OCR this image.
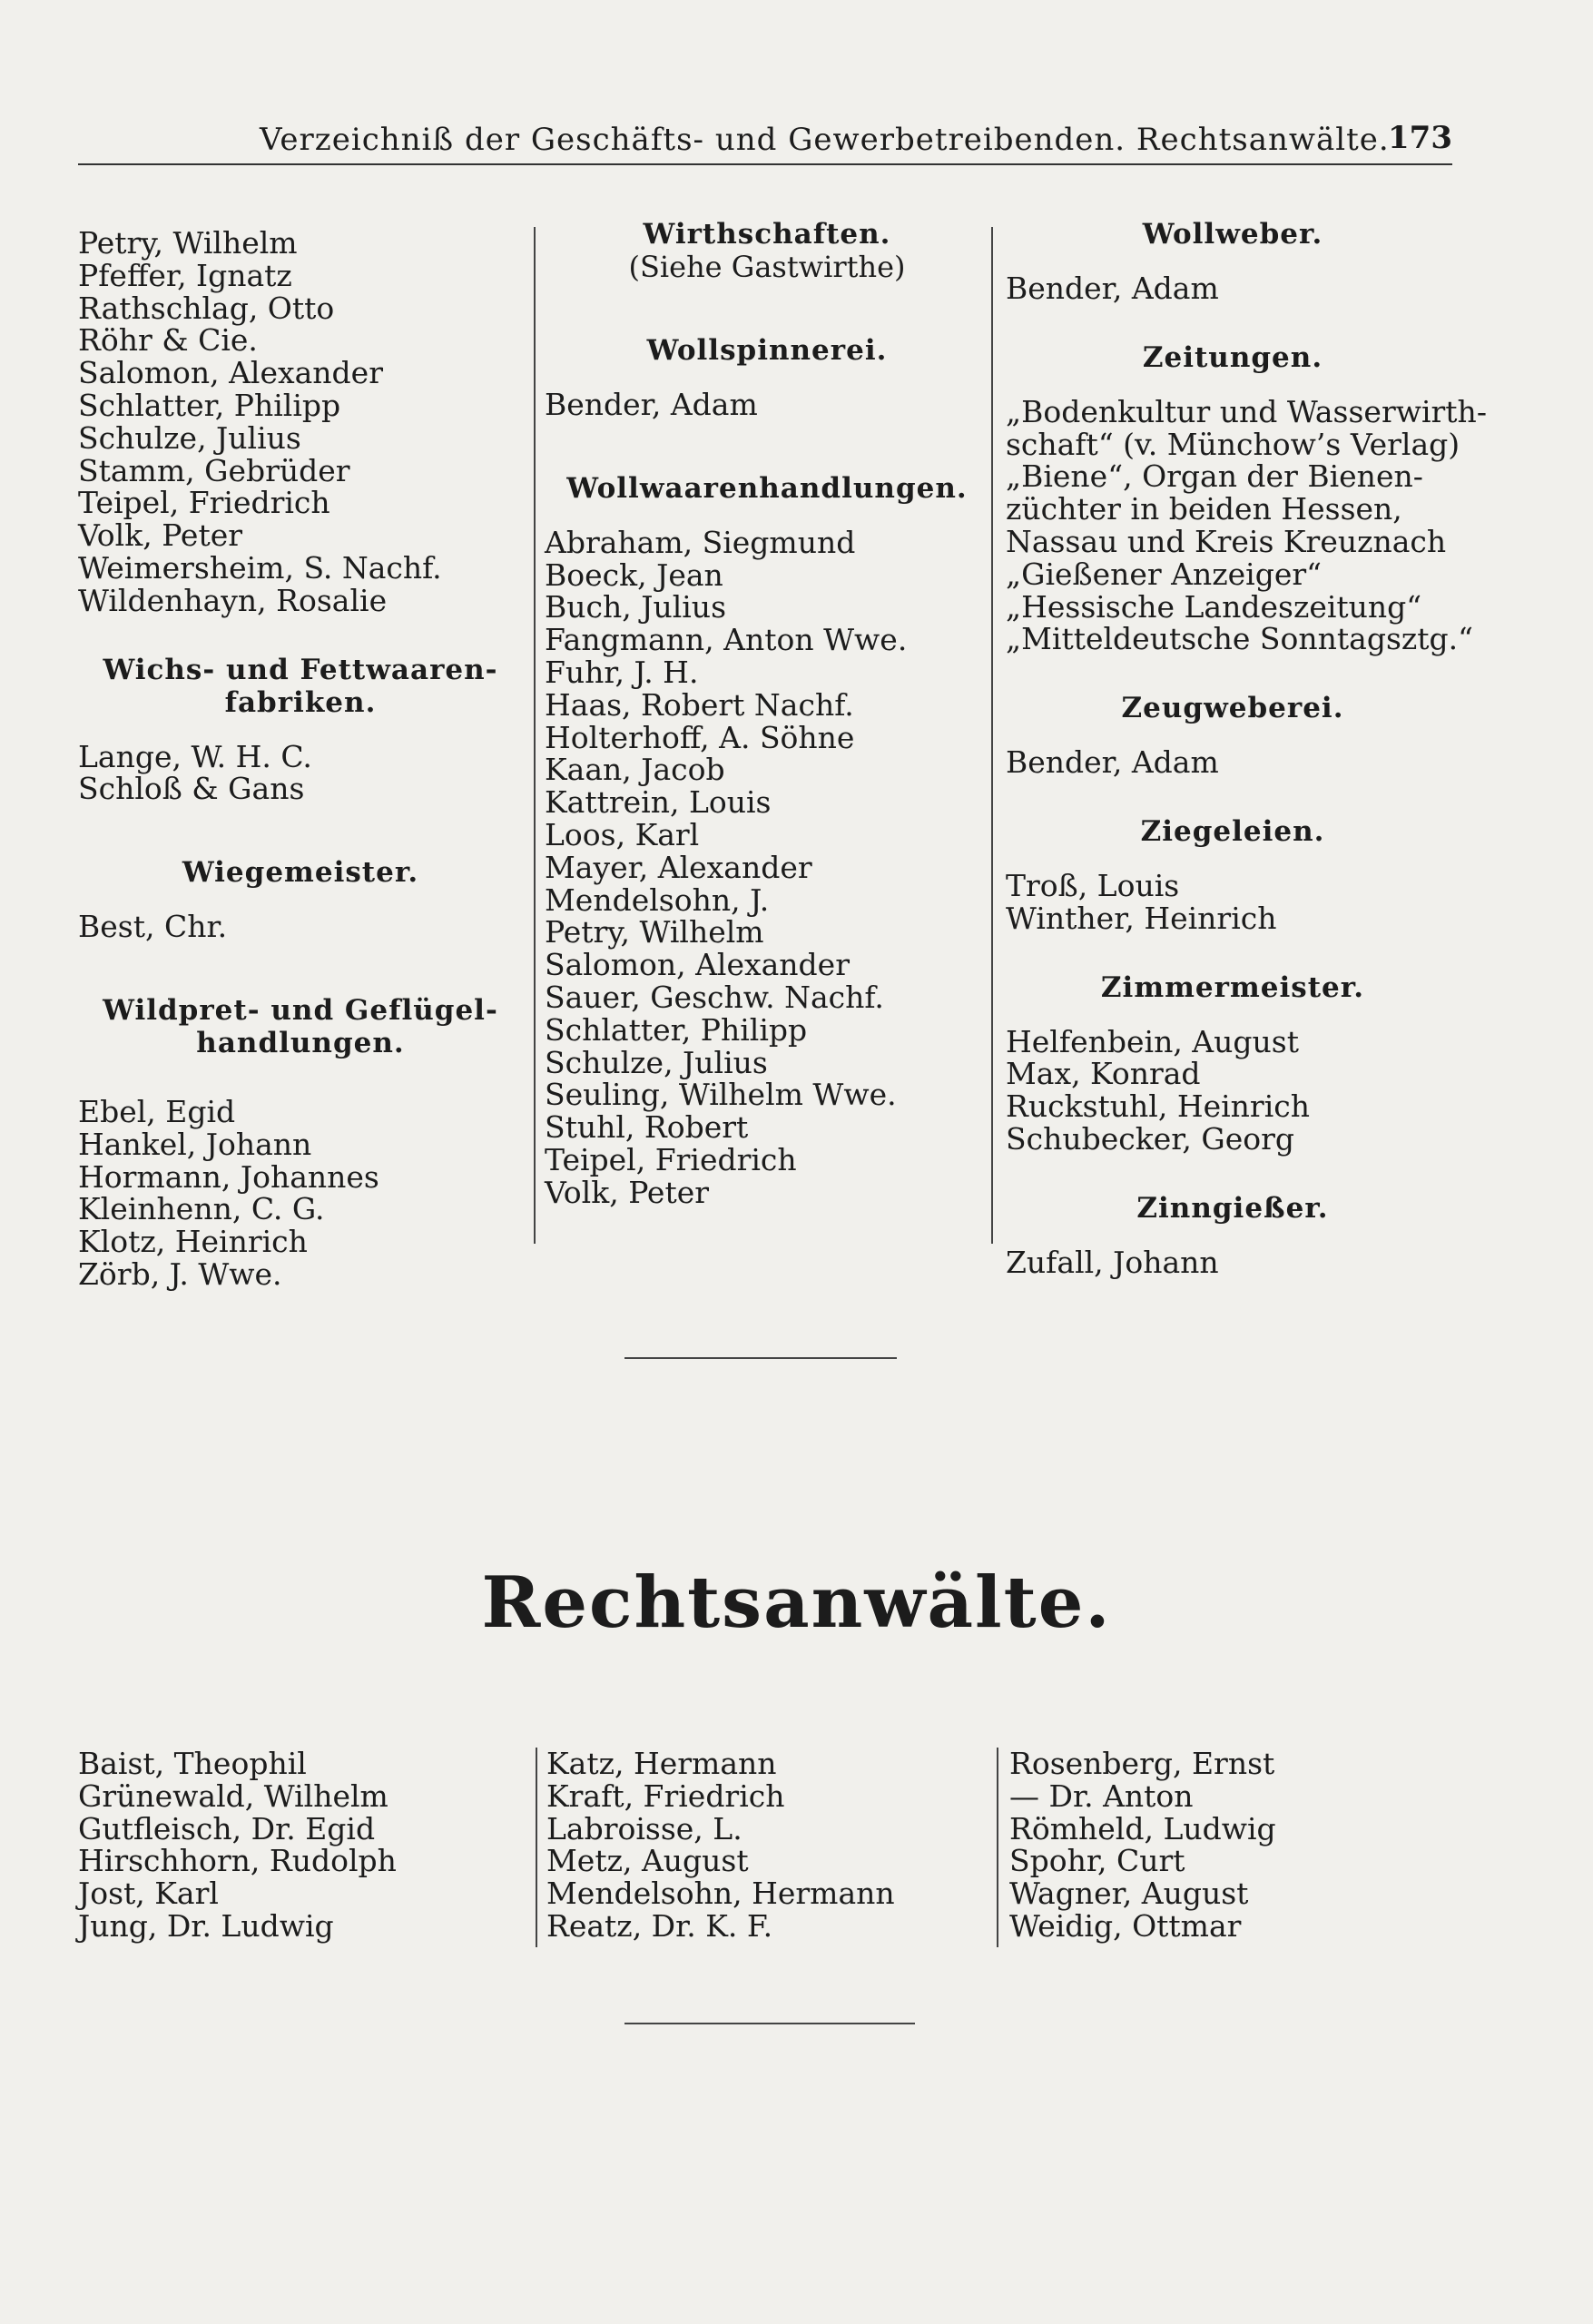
Verzeichniß der Geschäfts- und Gewerbetreibenden. Rechtsanwälte.
173
Petry, Wilhelm
Pfeffer, Ignatz
Rathschlag, Otto
Röhr & Cie.
Salomon, Alexander
Schlatter, Philipp
Schulze, Julius
Stamm, Gebrüder
Teipel, Friedrich
Volk, Peter
Weimersheim, S. Nachf.
Wildenhayn, Rosalie
Wichs- und Fettwaaren-
fabriken.
Lange, W. H. C.
Schloß & Gans
Wiegemeister.
Best, Chr.
Wildpret- und Geflügel-
handlungen.
Ebel, Egid
Hankel, Johann
Hormann, Johannes
Kleinhenn, C. G.
Klotz, Heinrich
Zörb, J. Wwe.
Wirthschaften.
(Siehe Gastwirthe)
Wollspinnerei.
Bender, Adam
Wollwaarenhandlungen.
Abraham, Siegmund
Boeck, Jean
Buch, Julius
Fangmann, Anton Wwe.
Fuhr, J. H.
Haas, Robert Nachf.
Holterhoff, A. Söhne
Kaan, Jacob
Kattrein, Louis
Loos, Karl
Mayer, Alexander
Mendelsohn, J.
Petry, Wilhelm
Salomon, Alexander
Sauer, Geschw. Nachf.
Schlatter, Philipp
Schulze, Julius
Seuling, Wilhelm Wwe.
Stuhl, Robert
Teipel, Friedrich
Volk, Peter
Wollweber.
Bender, Adam
Zeitungen.
„Bodenkultur und Wasserwirth-
schaft“ (v. Münchow’s Verlag)
„Biene“, Organ der Bienen-
züchter in beiden Hessen,
Nassau und Kreis Kreuznach
„Gießener Anzeiger“
„Hessische Landeszeitung“
„Mitteldeutsche Sonntagsztg.“
Zeugweberei.
Bender, Adam
Ziegeleien.
Troß, Louis
Winther, Heinrich
Zimmermeister.
Helfenbein, August
Max, Konrad
Ruckstuhl, Heinrich
Schubecker, Georg
Zinngießer.
Zufall, Johann
Rechtsanwälte.
Baist, Theophil
Grünewald, Wilhelm
Gutfleisch, Dr. Egid
Hirschhorn, Rudolph
Jost, Karl
Jung, Dr. Ludwig
Katz, Hermann
Kraft, Friedrich
Labroisse, L.
Metz, August
Mendelsohn, Hermann
Reatz, Dr. K. F.
Rosenberg, Ernst
— Dr. Anton
Römheld, Ludwig
Spohr, Curt
Wagner, August
Weidig, Ottmar
